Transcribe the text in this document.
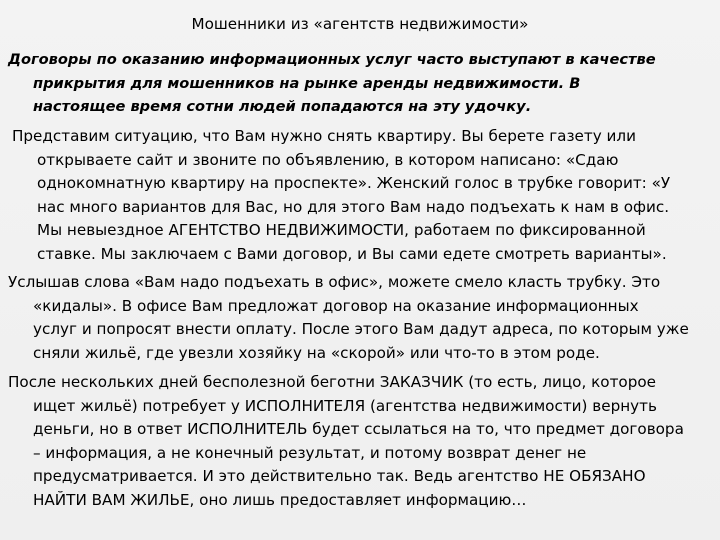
Мошенники из «агентств недвижимости»
Договоры по оказанию информационных услуг часто выступают в качестве
прикрытия для мошенников на рынке аренды недвижимости. В
настоящее время сотни людей попадаются на эту удочку.
Представим ситуацию, что Вам нужно снять квартиру. Вы берете газету или
открываете сайт и звоните по объявлению, в котором написано: «Сдаю
однокомнатную квартиру на проспекте». Женский голос в трубке говорит: «У
нас много вариантов для Вас, но для этого Вам надо подъехать к нам в офис.
Мы невыездное АГЕНТСТВО НЕДВИЖИМОСТИ, работаем по фиксированной
ставке. Мы заключаем с Вами договор, и Вы сами едете смотреть варианты».
Услышав слова «Вам надо подъехать в офис», можете смело класть трубку. Это
«кидалы». В офисе Вам предложат договор на оказание информационных
услуг и попросят внести оплату. После этого Вам дадут адреса, по которым уже
сняли жильё, где увезли хозяйку на «скорой» или что-то в этом роде.
После нескольких дней бесполезной беготни ЗАКАЗЧИК (то есть, лицо, которое
ищет жильё) потребует у ИСПОЛНИТЕЛЯ (агентства недвижимости) вернуть
деньги, но в ответ ИСПОЛНИТЕЛЬ будет ссылаться на то, что предмет договора
– информация, а не конечный результат, и потому возврат денег не
предусматривается. И это действительно так. Ведь агентство НЕ ОБЯЗАНО
НАЙТИ ВАМ ЖИЛЬЕ, оно лишь предоставляет информацию…
